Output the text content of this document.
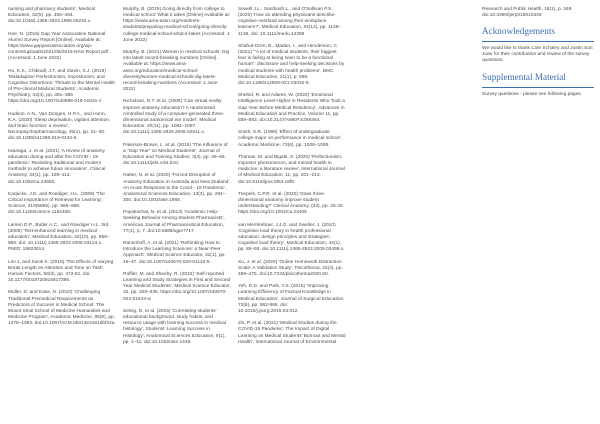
nursing and pharmacy students', Medical Education, 32(5), pp. 456–464. doi:10.1046/j.1365-2923.1998.00234.x.

Hoe, N. (2016) Gap Year Association National Alumni Survey Report [Online]. Available at: https://www.gapyearassociation.org/wp-content/uploads/2021/05/2015-NAS-Report.pdf (Accessed: 1 June 2022)

Hu, K.S., Chibnall, J.T, and Slavin, S.J. (2019) 'Maladaptive Perfectionism, Impostorism, and Cognitive Distortions: Threats to the Mental Health of Pre-clinical Medical Students', Academic Psychiatry, 43(4), pp. 381–385 https://doi.org/10.1007/s40596-019-01031-z

Hudson, A.N., Van Dongen, H.P.A., and Honn, K.A. (2020) 'Sleep deprivation, vigilant attention, and brain function: a review', Neuropsychopharmacology, 45(1), pp. 21–30. doi:10.1038/s41386-019-0432-6.

Iwanaga, J. et al. (2021) 'A review of anatomy education during and after the COVID - 19 pandemic: Revisiting traditional and modern methods to achieve future innovation', Clinical Anatomy, 34(1), pp. 108–114. doi:10.1002/ca.23655.

Karpicke, J.D. and Roediger, H.L. (2008) 'The Critical Importance of Retrieval for Learning', Science, 319(5865), pp. 966–968. doi:10.1126/science.1152408.

Larsen D.P., Butler A.C., and Roediger H.L. 3rd. (2008) 'Test-enhanced learning in medical education', Medical Education, 42(10), pp. 959–966. doi: 10.1111/j.1365-2923.2008.03124.x. PMID: 18823514.

Lim J, and Kwok K. (2015) 'The Effects of Varying Break Length on Attention and Time on Task', Human Factors, 58(3), pp. 472-81. doi: 10.1177/0018720815617395.

Muller, D. and Kase, N. (2010) 'Challenging Traditional Premedical Requirements as Predictors of Success in Medical School: The Mount Sinai School of Medicine Humanities and Medicine Program', Academic Medicine, 85(8), pp. 1378–1383. doi:10.1097/ACM.0b013e3181dbf22a.

Murphy, B. (2019) Going directly from college to medical school: What it takes [Online] Available at: https://www.ama-assn.org/residents-students/preparing-medical-school/going-directly-college-medical-school-what-it-takes (Accessed: 1 June 2022)

Murphy, B. (2021) Women in medical schools: Dig into latest record-breaking numbers [Online]. Available at: https://www.ama-assn.org/education/medical-school-diversity/women-medical-schools-dig-latest-record-breaking-numbers (Accessed: 1 June 2022)

Nicholson, D.T. et al. (2006) 'Can virtual reality improve anatomy education? A randomised controlled study of a computer-generated three-dimensional anatomical ear model', Medical Education, 40(11), pp. 1081–1087. doi:10.1111/j.1365-2929.2006.02611.x.

Paterson-Brown, L. et al. (2015) 'The Influence of a "Gap Year" on Medical Students', Journal of Education and Training Studies, 3(4), pp. 49–56. doi:10.11114/jets.v3i4.810.

Hatter, N. et al. (2020) 'Forced Disruption of Anatomy Education in Australia and New Zealand: An Acute Response to the Covid - 19 Pandemic', Anatomical Sciences Education, 13(3), pp. 284–300. doi:10.1002/ase.1968.

Payakachat, N. et al. (2013) 'Academic Help-Seeking Behavior Among Student Pharmacists', American Journal of Pharmaceutical Education, 77(1), p. 7. doi:10.5688/ajpe7717.

Ransohoff, A. et al. (2021) 'Rethinking How to Introduce the Learning Sciences: a Near-Peer Approach', Medical Science Educator, 31(1), pp. 45–47. doi:10.1007/s40670-020-01142-5.

Roffler, M. and Sheehy, R. (2022) 'Self-reported Learning and Study Strategies in First and Second Year Medical Students', Medical Science Educator, 32, pp. 329–335, https://doi.org/10.1007/s40670-022-01533-w

Selvig, D. et al. (2015) 'Correlating students' educational background, study habits, and resource usage with learning success in medical histology', Students' Learning Success in Histology', Anatomical Sciences Education, 8(1), pp. 1–11. doi:10.1002/ase.1449.

Sewell J.L., Santhosh L., and O'Sullivan P.S. (2020) 'How do attending physicians describe cognitive overload among their workplace learners?', Medical Education, 54(12), pp. 1129–1136. doi: 10.1111/medu.14289

Shahat-Oren, B., Madan, I., and Henderson, C. (2021) '"A lot of medical students, their biggest fear is failing at being seen to be a functional human": disclosure and help-seeking decisions by medical students with health problems', BMC Medical Education, 21(1), p. 599. doi:10.1186/s12909-021-03032-9.

Shehid, R. and Adams, W. (2020) 'Emotional Intelligence Level Higher in Residents Who Took a Gap Year Before Medical Residency', Advances in Medical Education and Practice, Volume 11, pp. 559–563. doi:10.2147/AMEP.S266464.

Smith, S.R. (1996) 'Effect of undergraduate college major on performance in medical school', Academic Medicine, 73(6), pp. 1006–1008.

Thomas, M. and Bigatti, S. (2020) 'Perfectionism, impostor phenomenon, and mental health in medicine: a literature review', International Journal of Medical Education, 11, pp. 201–213. doi:10.5116/ijme.5f54.c8f8.

Triepels, C.P.R. et al. (2020) 'Does three-dimensional anatomy improve student understanding?' Clinical Anatomy, (33), pp. 25-33. https://doi.org/10.1002/ca.23405

van Merriënboer, J.J.G. and Sweller, J. (2010) 'Cognitive load theory in health professional education: design principles and strategies', Cognitive load theory', Medical Education, 44(1), pp. 85–93. doi:10.1111/j.1365-2923.2009.03498.x.

Xu, J. et al. (2020) 'Online Homework Distraction Scale: A Validation Study', Psicothema, 32(4), pp. 469–475. doi:10.7334/psicothema2020.60.

Yeh, D.D. and Park, Y.S. (2015) 'Improving Learning Efficiency of Factual Knowledge in Medical Education', Journal of Surgical Education, 72(6), pp. 882-889. doi: 10.1016/j.jsurg.2015.03.012.

Zis, P. et al. (2021) 'Medical Studies during the COVID-19 Pandemic: The Impact of Digital Learning on Medical Students' Burnout and Mental Health', International Journal of Environmental

Research and Public Health, 18(1), p. 349. doi:10.3390/ijerph18010349

Acknowledgements

We would like to thank Cole Schaley and Justin San Juan for their contribution and review of the survey questions.

Supplemental Material

Survey questions - please see following pages.
